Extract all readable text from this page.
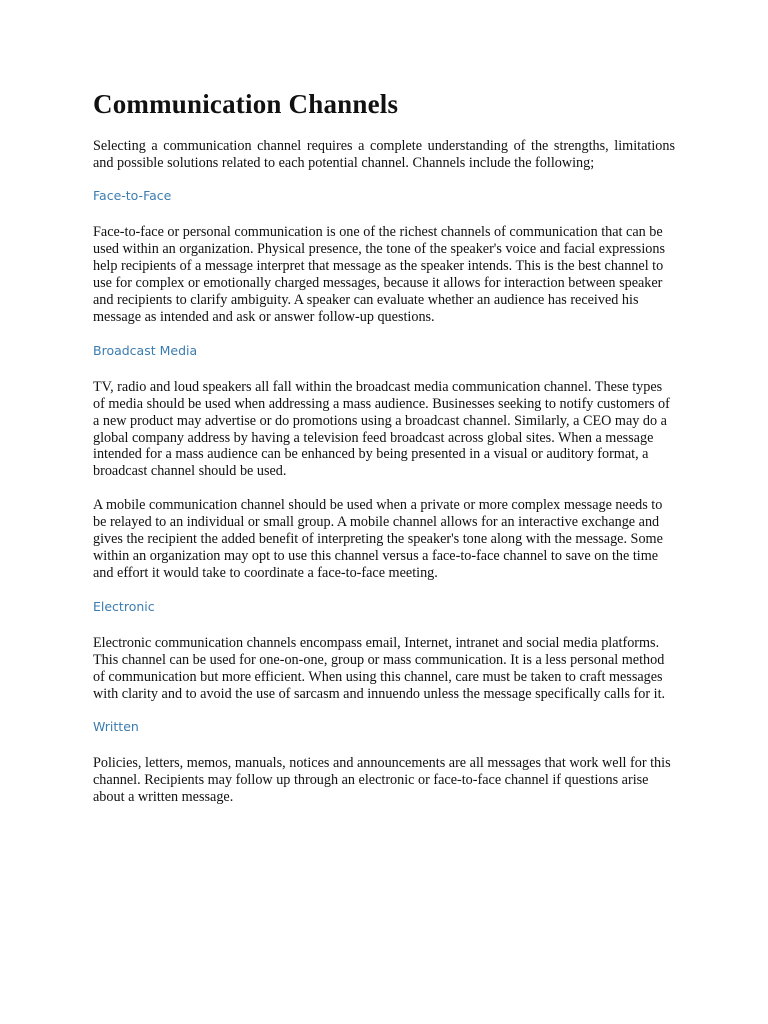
Communication Channels

Selecting a communication channel requires a complete understanding of the strengths, limitations and possible solutions related to each potential channel. Channels include the following;

Face-to-Face

Face-to-face or personal communication is one of the richest channels of communication that can be used within an organization. Physical presence, the tone of the speaker's voice and facial expressions help recipients of a message interpret that message as the speaker intends. This is the best channel to use for complex or emotionally charged messages, because it allows for interaction between speaker and recipients to clarify ambiguity. A speaker can evaluate whether an audience has received his message as intended and ask or answer follow-up questions.

Broadcast Media

TV, radio and loud speakers all fall within the broadcast media communication channel. These types of media should be used when addressing a mass audience. Businesses seeking to notify customers of a new product may advertise or do promotions using a broadcast channel. Similarly, a CEO may do a global company address by having a television feed broadcast across global sites. When a message intended for a mass audience can be enhanced by being presented in a visual or auditory format, a broadcast channel should be used.

A mobile communication channel should be used when a private or more complex message needs to be relayed to an individual or small group. A mobile channel allows for an interactive exchange and gives the recipient the added benefit of interpreting the speaker's tone along with the message. Some within an organization may opt to use this channel versus a face-to-face channel to save on the time and effort it would take to coordinate a face-to-face meeting.

Electronic

Electronic communication channels encompass email, Internet, intranet and social media platforms. This channel can be used for one-on-one, group or mass communication. It is a less personal method of communication but more efficient. When using this channel, care must be taken to craft messages with clarity and to avoid the use of sarcasm and innuendo unless the message specifically calls for it.

Written

Policies, letters, memos, manuals, notices and announcements are all messages that work well for this channel. Recipients may follow up through an electronic or face-to-face channel if questions arise about a written message.
